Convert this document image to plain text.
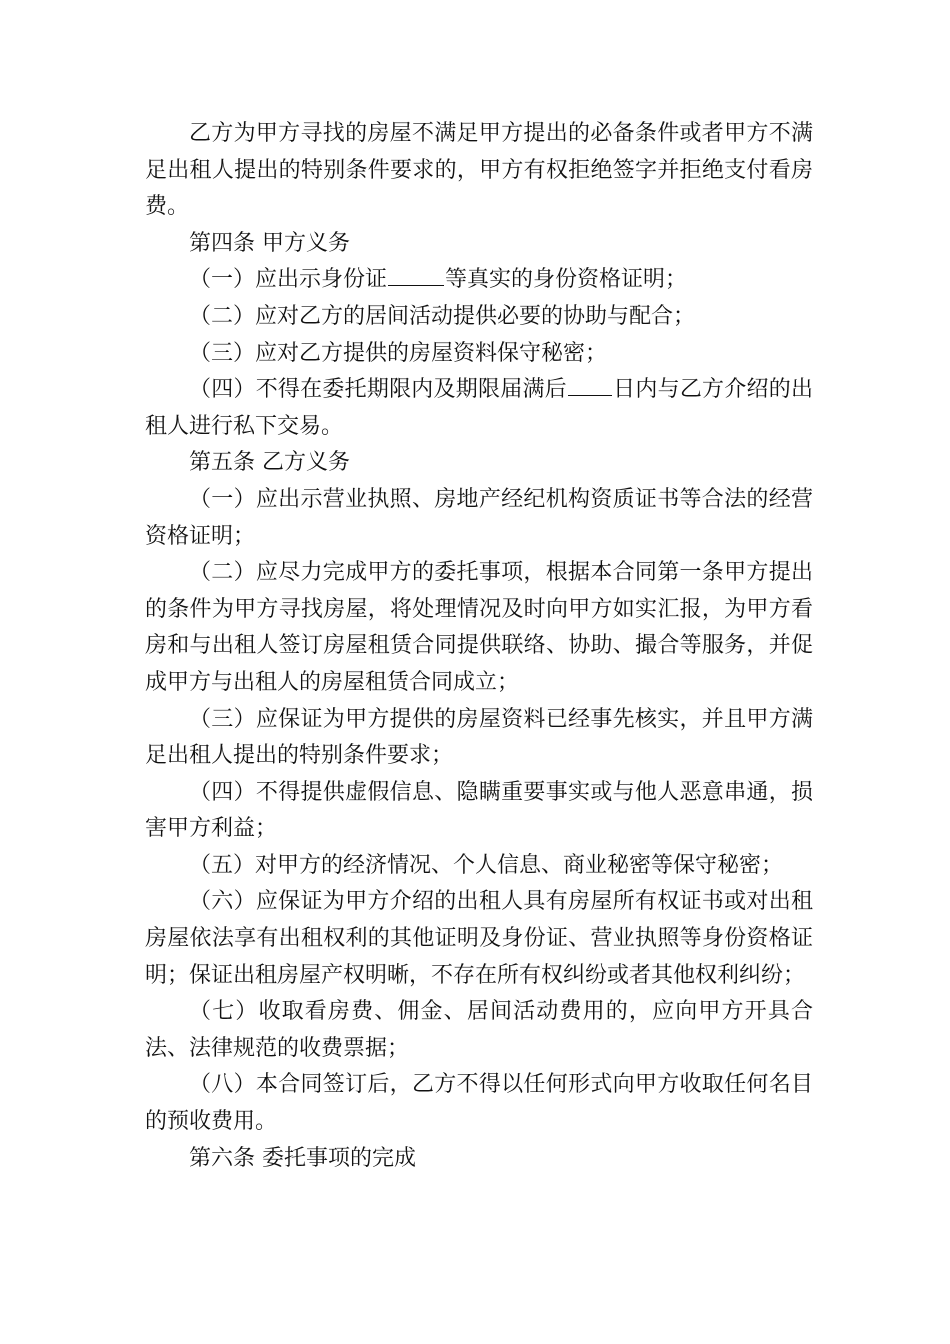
乙方为甲方寻找的房屋不满足甲方提出的必备条件或者甲方不满足出租人提出的特别条件要求的，甲方有权拒绝签字并拒绝支付看房费。

第四条 甲方义务

（一）应出示身份证	等真实的身份资格证明；

（二）应对乙方的居间活动提供必要的协助与配合；

（三）应对乙方提供的房屋资料保守秘密；

（四）不得在委托期限内及期限届满后 日内与乙方介绍的出租人进行私下交易。

第五条 乙方义务

（一）应出示营业执照、房地产经纪机构资质证书等合法的经营资格证明；

（二）应尽力完成甲方的委托事项，根据本合同第一条甲方提出的条件为甲方寻找房屋，将处理情况及时向甲方如实汇报，为甲方看房和与出租人签订房屋租赁合同提供联络、协助、撮合等服务，并促成甲方与出租人的房屋租赁合同成立；

（三）应保证为甲方提供的房屋资料已经事先核实，并且甲方满足出租人提出的特别条件要求；

（四）不得提供虚假信息、隐瞒重要事实或与他人恶意串通，损害甲方利益；

（五）对甲方的经济情况、个人信息、商业秘密等保守秘密；

（六）应保证为甲方介绍的出租人具有房屋所有权证书或对出租房屋依法享有出租权利的其他证明及身份证、营业执照等身份资格证明；保证出租房屋产权明晰，不存在所有权纠纷或者其他权利纠纷；

（七）收取看房费、佣金、居间活动费用的，应向甲方开具合法、法律规范的收费票据；

（八）本合同签订后，乙方不得以任何形式向甲方收取任何名目的预收费用。

第六条 委托事项的完成
